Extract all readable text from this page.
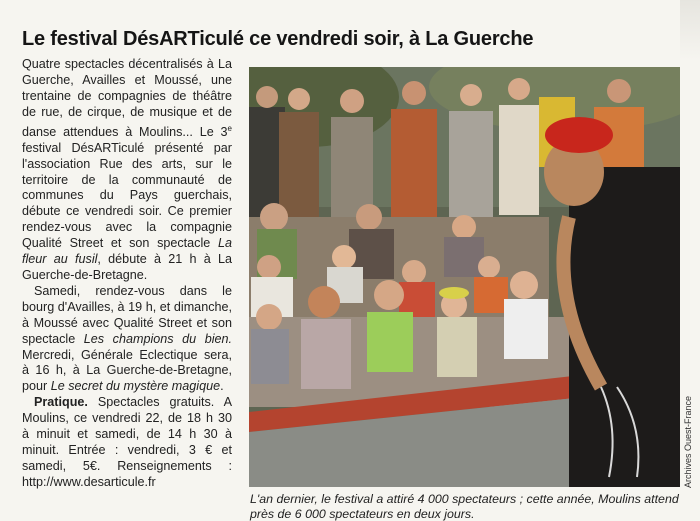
Le festival DésARTiculé ce vendredi soir, à La Guerche

Quatre spectacles décentralisés à La Guerche, Availles et Moussé, une trentaine de compagnies de théâtre de rue, de cirque, de musique et de danse attendues à Moulins... Le 3e festival DésARTiculé présenté par l'association Rue des arts, sur le territoire de la communauté de communes du Pays guerchais, débute ce vendredi soir. Ce premier rendez-vous avec la compagnie Qualité Street et son spectacle La fleur au fusil, débute à 21 h à La Guerche-de-Bretagne.

Samedi, rendez-vous dans le bourg d'Availles, à 19 h, et dimanche, à Moussé avec Qualité Street et son spectacle Les champions du bien. Mercredi, Générale Eclectique sera, à 16 h, à La Guerche-de-Bretagne, pour Le secret du mystère magique.

Pratique. Spectacles gratuits. A Moulins, ce vendredi 22, de 18 h 30 à minuit et samedi, de 14 h 30 à minuit. Entrée : vendredi, 3 € et samedi, 5€. Renseignements : http://www.desarticule.fr	Archives Ouest-France
L'an dernier, le festival a attiré 4 000 spectateurs ; cette année, Moulins attend près de 6 000 spectateurs en deux jours.
